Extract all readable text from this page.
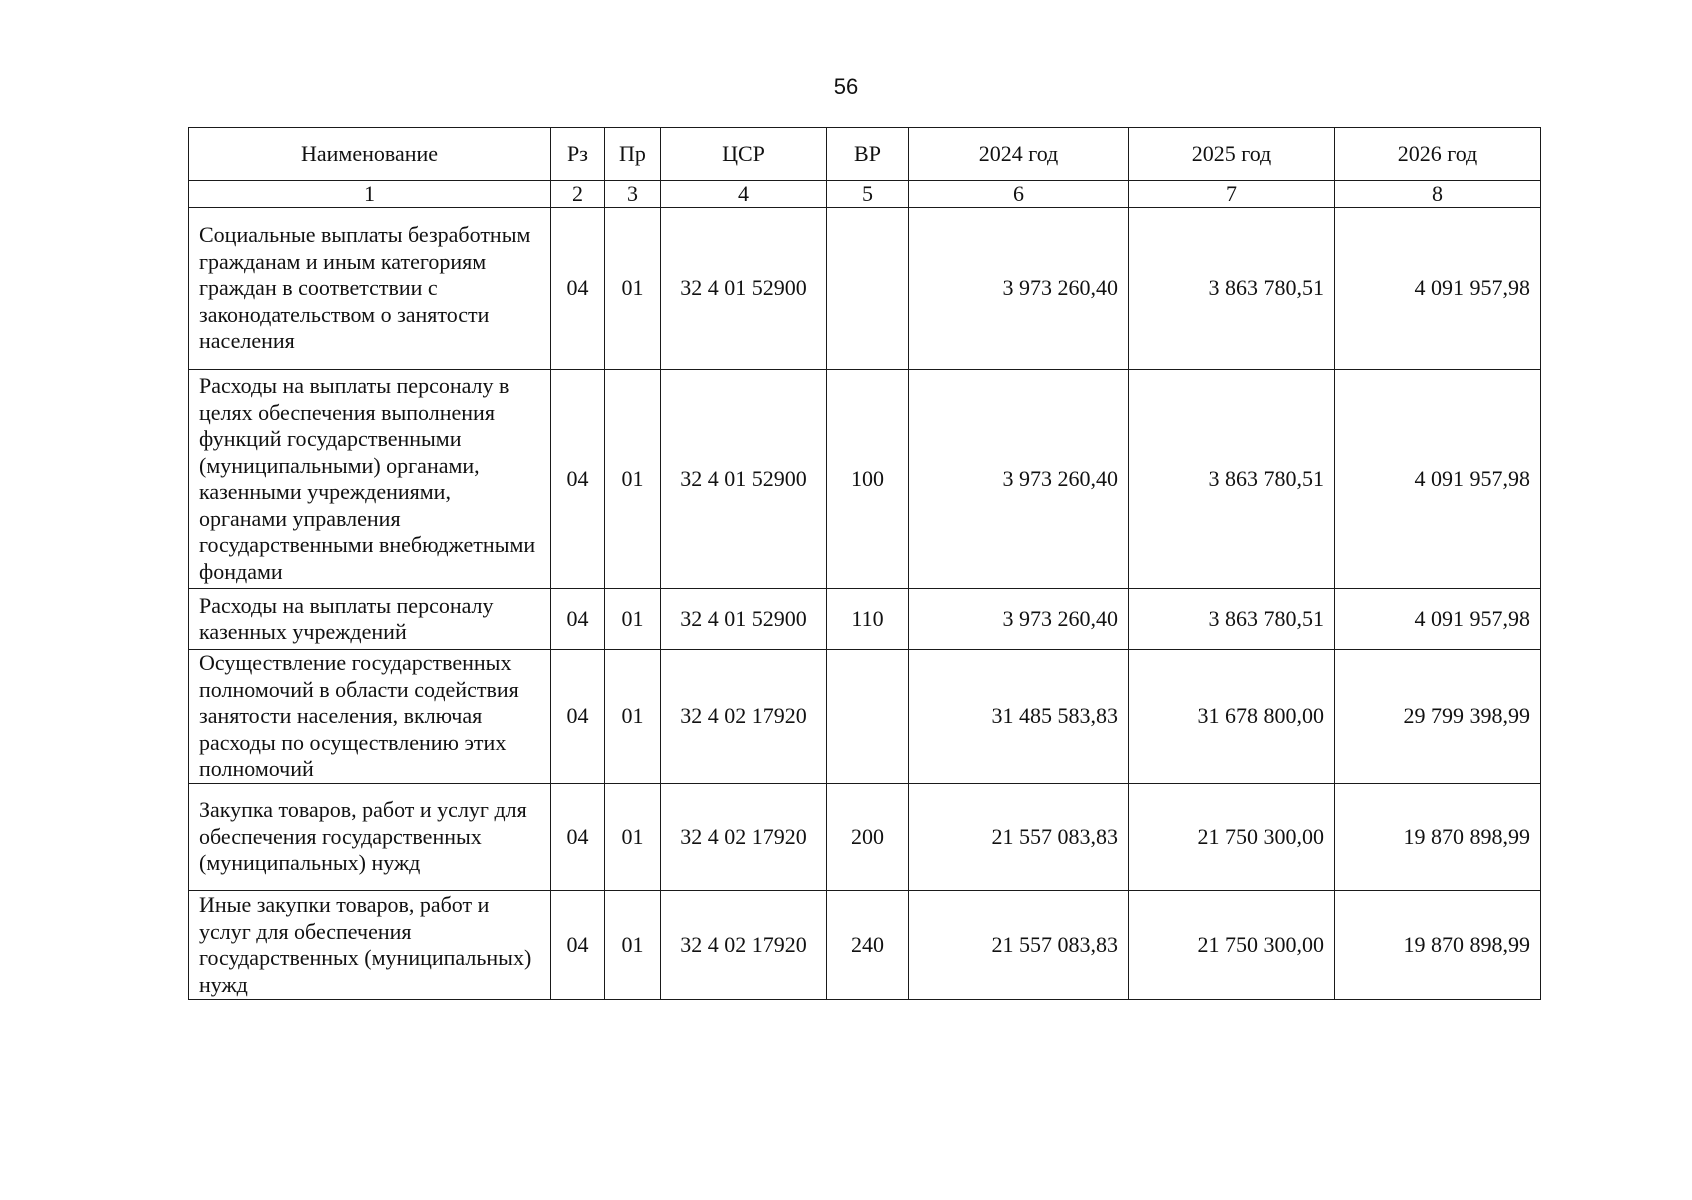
56
Наименование	Рз	Пр	ЦСР	ВР	2024 год	2025 год	2026 год
1	2	3	4	5	6	7	8
Социальные выплаты безработным гражданам и иным категориям граждан в соответствии с законодательством о занятости населения	04	01	32 4 01 52900		3 973 260,40	3 863 780,51	4 091 957,98
Расходы на выплаты персоналу в целях обеспечения выполнения функций государственными (муниципальными) органами, казенными учреждениями, органами управления государственными внебюджетными фондами	04	01	32 4 01 52900	100	3 973 260,40	3 863 780,51	4 091 957,98
Расходы на выплаты персоналу казенных учреждений	04	01	32 4 01 52900	110	3 973 260,40	3 863 780,51	4 091 957,98
Осуществление государственных полномочий в области содействия занятости населения, включая расходы по осуществлению этих полномочий	04	01	32 4 02 17920		31 485 583,83	31 678 800,00	29 799 398,99
Закупка товаров, работ и услуг для обеспечения государственных (муниципальных) нужд	04	01	32 4 02 17920	200	21 557 083,83	21 750 300,00	19 870 898,99
Иные закупки товаров, работ и услуг для обеспечения государственных (муниципальных) нужд	04	01	32 4 02 17920	240	21 557 083,83	21 750 300,00	19 870 898,99
